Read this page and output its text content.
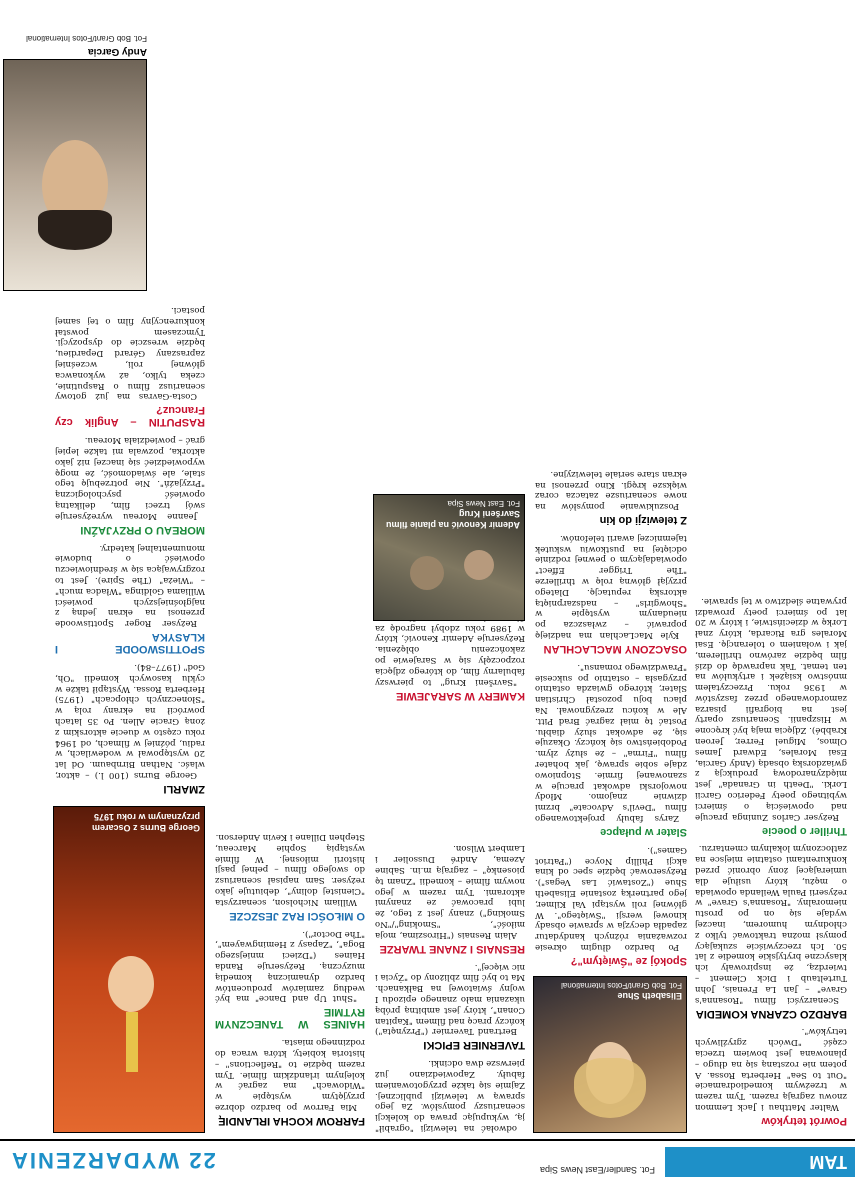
TAM
Fot. Sandler/East News Sipa
22 WYDARZENIA
Powrót tetryków

Walter Matthau i Jack Lemmon znowu zagrają razem. Tym razem w trzeźwym komediodramacie "Out to Sea" Herberta Rossa. A potem nie rozstaną się na długo – planowana jest bowiem trzecia część "Dwóch zgryźliwych tetryków".

BARDZO CZARNA KOMEDIA

Scenarzyści filmu "Rosanna's Grave" – Jan La Frenais, John Turteltaub i Dick Clement – twierdzą, że inspirowały ich klasyczne brytyjskie komedie z lat 50. Ich rzeczywiście szukający pomysł można traktować tylko z chłodnym humorem, inaczej wydaje się on po prostu niemoralny. "Rosanna's Grave" w reżyserii Paula Weilanda opowiada o mężu, który usiłuje dla umierającej żony obronić przed konkurentami ostatnie miejsce na zatłoczonym lokalnym cmentarzu.

Thriller o poecie

Reżyser Carlos Zuninga pracuje nad opowieścią o śmierci wybitnego poety Federico Garcii Lorki. "Death in Granada" jest międzynarodową produkcją z gwiazdorską obsadą (Andy Garcia, Esai Morales, Edward James Olmos, Miguel Ferrer, Jeroen Krabbé). Zdjęcia mają być kręcone w Hiszpanii. Scenariusz oparty jest na biografii pisarza zamordowanego przez faszystów w 1936 roku. Przeczytałem mnóstwo książek i artykułów na ten temat. Tak naprawdę do dziś film będzie zarówno thrillerem, jak i wołaniem o tolerancję. Esai Morales gra Ricarda, który znał Lorkę w dzieciństwie, i który w 20 lat po śmierci poety prowadzi prywatne śledztwo w tej sprawie.

Elisabeth Shue
Fot. Bob Grant/Fotos International
Spokój ze "Świętym"?

Po bardzo długim okresie rozważania różnych kandydatur zapadła decyzja w sprawie obsady kinowej wersji "Świętego". W głównej roli wystąpi Val Kilmer, jego partnerką zostanie Elisabeth Shue ("Zostawić Las Vegas"). Reżyserować będzie spec od kina akcji Phillip Noyce ("Patriot Games").

Slater w pułapce

Zarys fabuły projektowanego filmu "Devil's Advocate" brzmi dziwnie znajomo. Młody nowojorski adwokat pracuje w szanowanej firmie. Stopniowo zdaje sobie sprawę, jak bohater filmu "Firma" – że służy złym. Podobieństwo się kończy. Okazuje się, że adwokat służy diabłu. Postać tę miał zagrać Brad Pitt. Ale w końcu zrezygnował. Na placu boju pozostał Christian Slater, którego gwiazda ostatnio przygasła – ostatnio po sukcesie "Prawdziwego romansu".

OSACZONY MACLACHLAN

Kyle MacLachlan ma nadzieję poprawić – zwłaszcza po nieudanym występie w "Showgirls" – nadszarpniętą aktorską reputację. Dlatego przyjął główną rolę w thrillerze "The Trigger Effect" opowiadającym o pewnej rodzinie odciętej na pustkowiu wskutek tajemniczej awarii telefonów.

Z telewizji do kin

Poszukiwanie pomysłów na nowe scenariusze zatacza coraz większe kręgi. Kino przenosi na ekran stare seriale telewizyjne.

odwołać na telewizji "ograbił" ją, wykupując prawa do kolekcji scenariuszy pomysłów. Za jego sprawą w telewizji publicznej. Zajmie się także przygotowaniem fabuły. Zapowiedziano już pierwsze dwa odcinki.

TAVERNIER EPICKI

Bertrand Tavernier ("Przynęta") kończy pracę nad filmem "Kapitan Conan", który jest ambitną próbą ukazania mało znanego epizodu I wojny światowej na Bałkanach. Ma to być film zbliżony do "Życia i nic więcej".

RESNAIS I ZNANE TWARZE

Alain Resnais ("Hiroszima, moja miłość", "Smoking"/"No Smoking") znany jest z tego, że lubi pracować ze znanymi aktorami. Tym razem w jego nowym filmie – komedii "Znam tę piosenkę" – zagrają m.in. Sabine Azema, André Dussolier i Lambert Wilson.

KAMERY W SARAJEWIE

"Savršeni Krug" to pierwszy fabularny film, do którego zdjęcia rozpoczęły się w Sarajewie po zakończeniu oblężenia. Reżyseruje Ademir Kenović, który w 1989 roku zdobył nagrodę za

Ademir Kenović na planie filmu Savršeni Krug
Fot. East News Sipa
FARROW KOCHA IRLANDIĘ

Mia Farrow po bardzo dobrze przyjętym występie w "Widowach" ma zagrać w kolejnym irlandzkim filmie. Tym razem będzie to "Reflections" – historia kobiety, która wraca do rodzinnego miasta.

HAINES W TANECZNYM RYTMIE

"Shut Up and Dance" ma być według zamiarów producentów bardzo dynamiczną komedią muzyczną. Reżyseruje Randa Haines ("Dzieci mniejszego Boga", "Zapasy z Hemingwayem", "The Doctor").

O MIŁOŚCI RAZ JESZCZE

William Nicholson, scenarzysta "Cienistej doliny", debiutuje jako reżyser. Sam napisał scenariusz do swojego filmu – pełnej pasji historii miłosnej. W filmie wystąpią Sophie Marceau, Stephen Dillane i Kevin Anderson.

George Burns z Oscarem przyznanym w roku 1975
ZMARLI

George Burns (100 l.) – aktor, wlaśc. Nathan Birnbaum. Od lat 20 występował w wodewilach, w radiu, później w filmach, od 1964 roku często w duecie aktorskim z żoną Gracie Allen. Po 35 latach powrócił na ekrany rolą w "Słonecznych chłopcach" (1975) Herberta Rossa. Wystąpił także w cyklu kasowych komedii "Oh, God" (1977–84).

SPOTTISWOODE I KLASYKA

Reżyser Roger Spottiswoode przenosi na ekran jedną z najgłośniejszych powieści Williama Goldinga "Władca much" – "Wieża" (The Spire). Jest to rozgrywająca się w średniowieczu opowieść o budowie monumentalnej katedry.

MOREAU O PRZYJAŹNI

Jeanne Moreau wyreżyseruje swój trzeci film, delikatną opowieść psychologiczną "Przyjaźń". Nie potrzebuję tego stale, ale świadomość, że mogę wypowiedzieć się inaczej niż jako aktorka, pozwala mi także lepiej grać – powiedziała Moreau.

RASPUTIN – Anglik czy Francuz?

Costa-Gavras ma już gotowy scenariusz filmu o Rasputinie, czeka tylko, aż wykonawca głównej roli, wcześniej zapraszany Gérard Depardieu, będzie wreszcie do dyspozycji. Tymczasem powstał konkurencyjny film o tej samej postaci.

Andy Garcia
Fot. Bob Grant/Fotos International
